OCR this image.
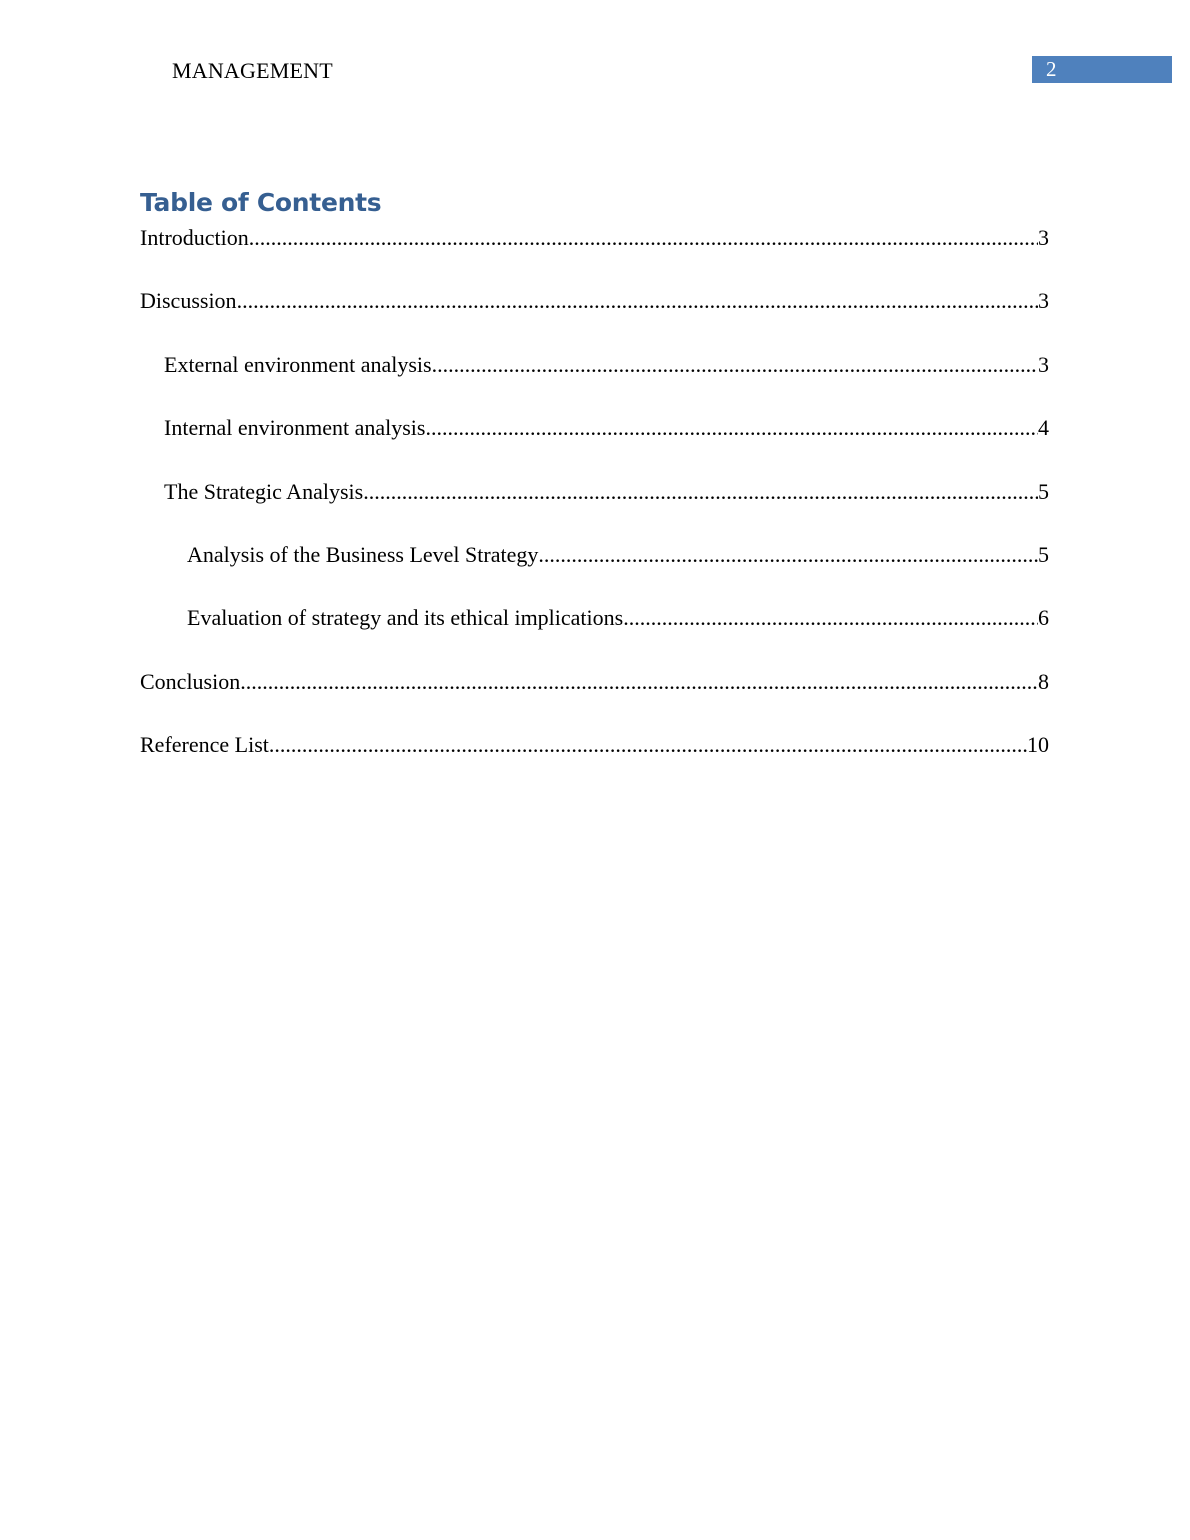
MANAGEMENT	2
Table of Contents
Introduction .....	3
Discussion .....	3
External environment analysis .....	3
Internal environment analysis .....	4
The Strategic Analysis .....	5
Analysis of the Business Level Strategy .....	5
Evaluation of strategy and its ethical implications .....	6
Conclusion .....	8
Reference List .....	10
